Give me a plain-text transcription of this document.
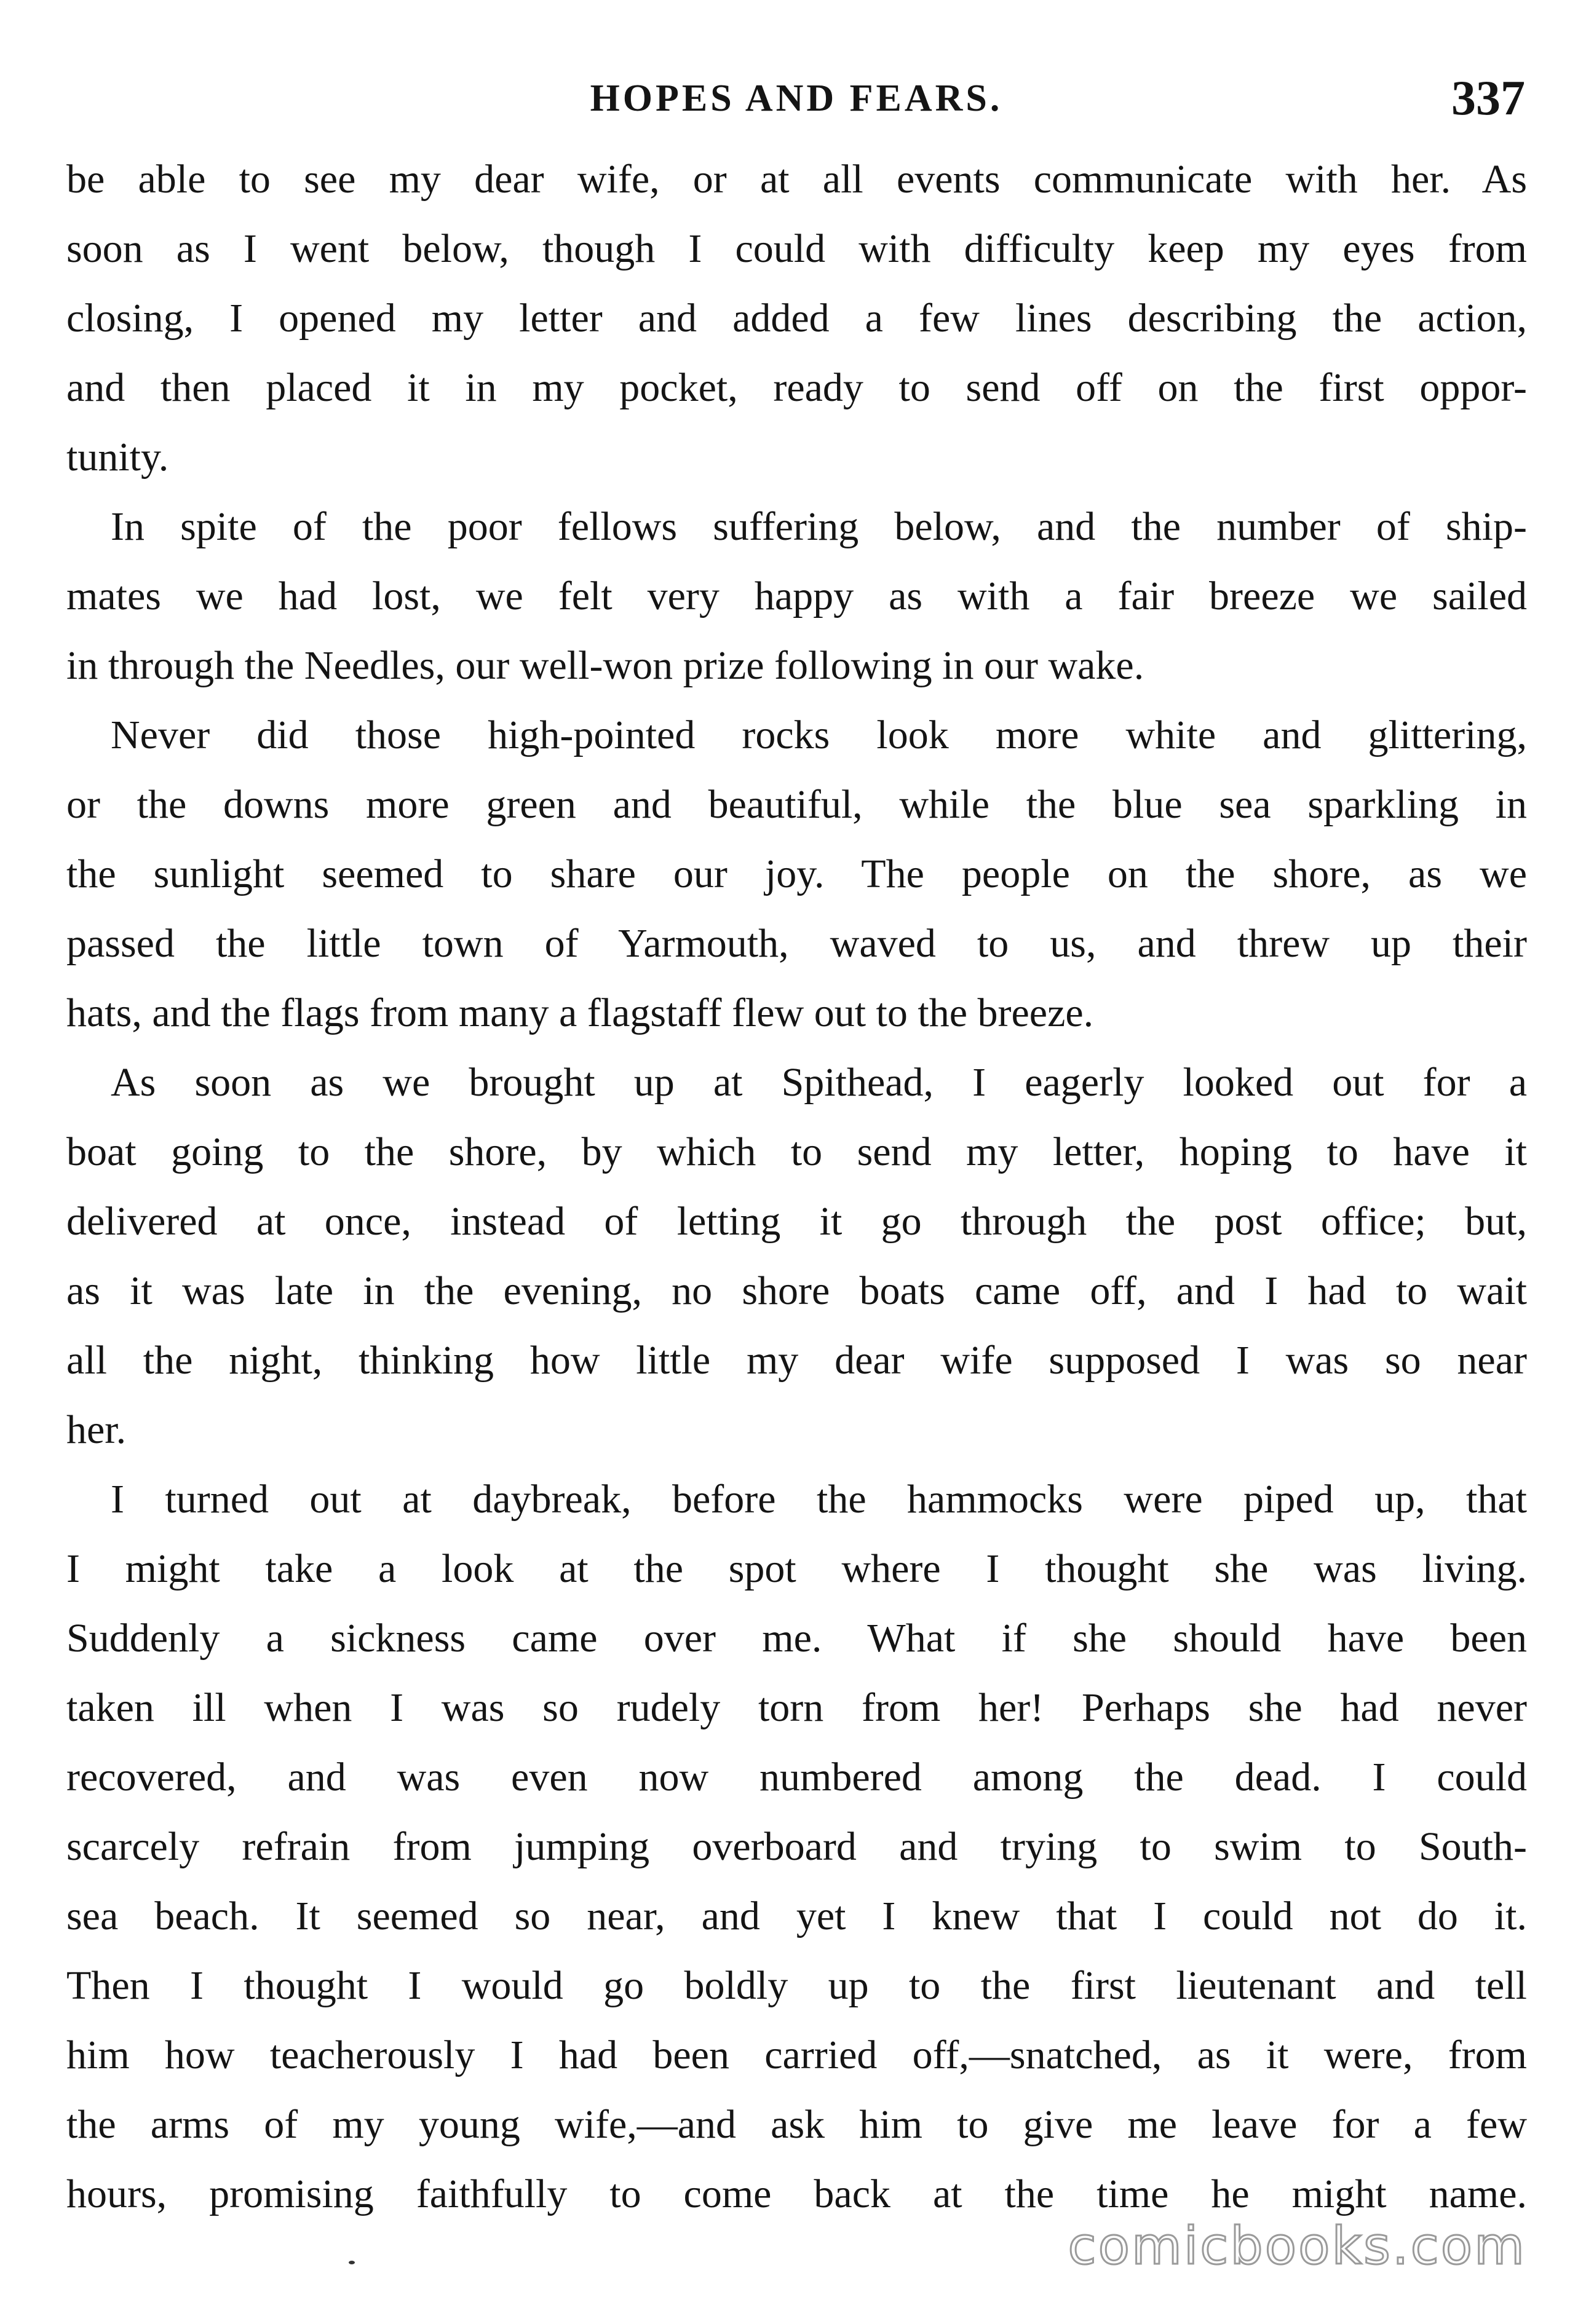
HOPES AND FEARS.	337
be able to see my dear wife, or at all events communicate with her. As
soon as I went below, though I could with difficulty keep my eyes from
closing, I opened my letter and added a few lines describing the action,
and then placed it in my pocket, ready to send off on the first oppor-
tunity.
In spite of the poor fellows suffering below, and the number of ship-
mates we had lost, we felt very happy as with a fair breeze we sailed
in through the Needles, our well-won prize following in our wake.
Never did those high-pointed rocks look more white and glittering,
or the downs more green and beautiful, while the blue sea sparkling in
the sunlight seemed to share our joy. The people on the shore, as we
passed the little town of Yarmouth, waved to us, and threw up their
hats, and the flags from many a flagstaff flew out to the breeze.
As soon as we brought up at Spithead, I eagerly looked out for a
boat going to the shore, by which to send my letter, hoping to have it
delivered at once, instead of letting it go through the post office; but,
as it was late in the evening, no shore boats came off, and I had to wait
all the night, thinking how little my dear wife supposed I was so near
her.
I turned out at daybreak, before the hammocks were piped up, that
I might take a look at the spot where I thought she was living.
Suddenly a sickness came over me. What if she should have been
taken ill when I was so rudely torn from her! Perhaps she had never
recovered, and was even now numbered among the dead. I could
scarcely refrain from jumping overboard and trying to swim to South-
sea beach. It seemed so near, and yet I knew that I could not do it.
Then I thought I would go boldly up to the first lieutenant and tell
him how teacherously I had been carried off,—snatched, as it were, from
the arms of my young wife,—and ask him to give me leave for a few
hours, promising faithfully to come back at the time he might name.
comicbooks.com
